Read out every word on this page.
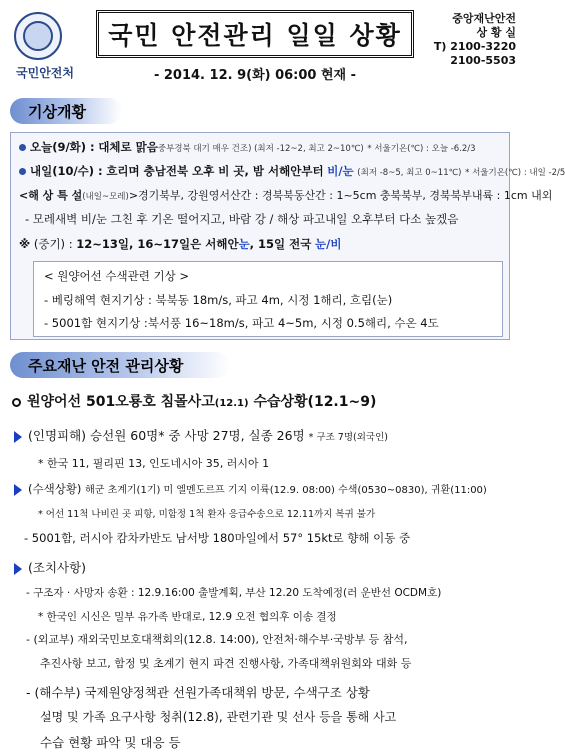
국민안전처
국민 안전관리 일일 상황
- 2014. 12. 9(화) 06:00 현재 -
중앙재난안전
상 황 실
T) 2100-3220
2100-5503
기상개황
오늘(9/화) : 대체로 맑음중부경북 대기 매우 건조) (최저 -12~2, 최고 2~10℃) * 서울기온(℃) : 오늘 -6.2/3
내일(10/수) : 흐리며 충남전북 오후 비 곳, 밤 서해안부터 비/눈 (최저 -8~5, 최고 0~11℃) * 서울기온(℃) : 내일 -2/5
<해 상 특 설(내일~모레)>경기북부, 강원영서산간 : 경북북동산간 : 1~5cm 충북북부, 경북북부내륙 : 1cm 내외
- 모레새벽 비/눈 그친 후 기온 떨어지고, 바람 강 / 해상 파고내일 오후부터 다소 높겠음
※ (중기) : 12~13일, 16~17일은 서해안눈, 15일 전국 눈/비
< 원양어선 수색관련 기상 >
- 베링해역 현지기상 : 북북동 18m/s, 파고 4m, 시정 1해리, 흐림(눈)
- 5001함 현지기상 :북서풍 16~18m/s, 파고 4~5m, 시정 0.5해리, 수온 4도
주요재난 안전 관리상황
원양어선 501오룡호 침몰사고(12.1) 수습상황(12.1~9)
(인명피해) 승선원 60명* 중 사망 27명, 실종 26명 * 구조 7명(외국인)
* 한국 11, 필리핀 13, 인도네시아 35, 러시아 1
(수색상황) 해군 초계기(1기) 미 엘멘도르프 기지 이륙(12.9. 08:00) 수색(0530~0830), 귀환(11:00)
* 어선 11척 나비린 곳 피항, 미함정 1척 환자 응급수송으로 12.11까지 복귀 불가
- 5001함, 러시아 캄차카반도 남서방 180마일에서 57° 15kt로 향해 이동 중
(조치사항)
- 구조자 · 사망자 송환 : 12.9.16:00 출발계획, 부산 12.20 도착예정(러 운반선 OCDM호)
* 한국인 시신은 밀부 유가족 반대로, 12.9 오전 협의후 이송 결정
- (외교부) 재외국민보호대책회의(12.8. 14:00), 안전처·해수부·국방부 등 참석,
추진사항 보고, 함정 및 초계기 현지 파견 진행사항, 가족대책위원회와 대화 등
- (해수부) 국제원양정책관 선원가족대책위 방문, 수색구조 상황
설명 및 가족 요구사항 청취(12.8), 관련기관 및 선사 등을 통해 사고
수습 현황 파악 및 대응 등
